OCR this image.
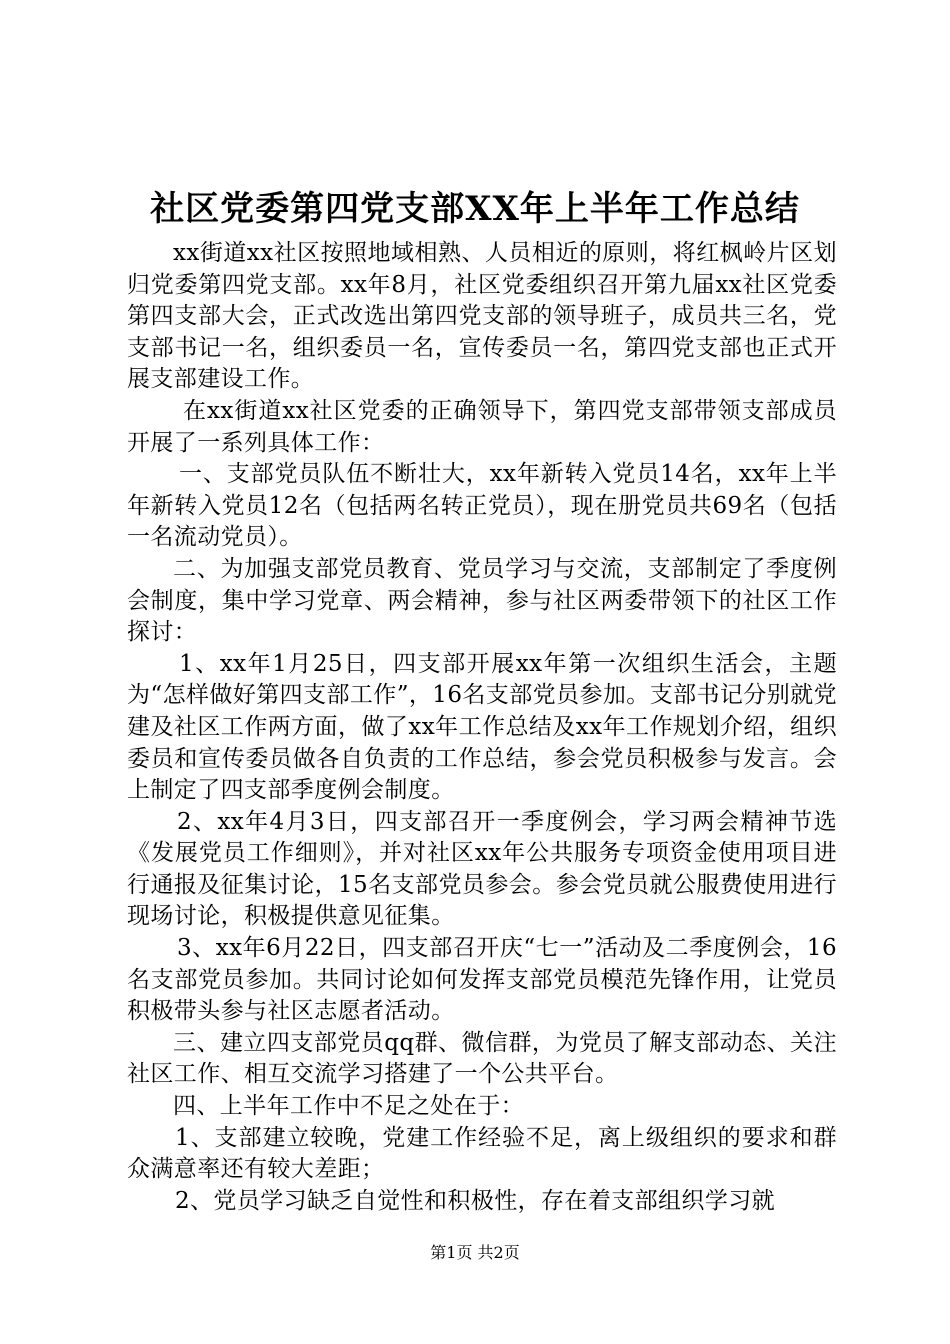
社区党委第四党支部XX年上半年工作总结

xx街道xx社区按照地域相熟、人员相近的原则，将红枫岭片区划归党委第四党支部。xx年8月，社区党委组织召开第九届xx社区党委第四支部大会，正式改选出第四党支部的领导班子，成员共三名，党支部书记一名，组织委员一名，宣传委员一名，第四党支部也正式开展支部建设工作。

在xx街道xx社区党委的正确领导下，第四党支部带领支部成员开展了一系列具体工作：

一、支部党员队伍不断壮大，xx年新转入党员14名，xx年上半年新转入党员12名（包括两名转正党员），现在册党员共69名（包括一名流动党员）。

二、为加强支部党员教育、党员学习与交流，支部制定了季度例会制度，集中学习党章、两会精神，参与社区两委带领下的社区工作探讨：

1、xx年1月25日，四支部开展xx年第一次组织生活会，主题为“怎样做好第四支部工作”，16名支部党员参加。支部书记分别就党建及社区工作两方面，做了xx年工作总结及xx年工作规划介绍，组织委员和宣传委员做各自负责的工作总结，参会党员积极参与发言。会上制定了四支部季度例会制度。

2、xx年4月3日，四支部召开一季度例会，学习两会精神节选《发展党员工作细则》，并对社区xx年公共服务专项资金使用项目进行通报及征集讨论，15名支部党员参会。参会党员就公服费使用进行现场讨论，积极提供意见征集。

3、xx年6月22日，四支部召开庆“七一”活动及二季度例会，16名支部党员参加。共同讨论如何发挥支部党员模范先锋作用，让党员积极带头参与社区志愿者活动。

三、建立四支部党员qq群、微信群，为党员了解支部动态、关注社区工作、相互交流学习搭建了一个公共平台。

四、上半年工作中不足之处在于：

1、支部建立较晚，党建工作经验不足，离上级组织的要求和群众满意率还有较大差距；

2、党员学习缺乏自觉性和积极性，存在着支部组织学习就

第1页 共2页
